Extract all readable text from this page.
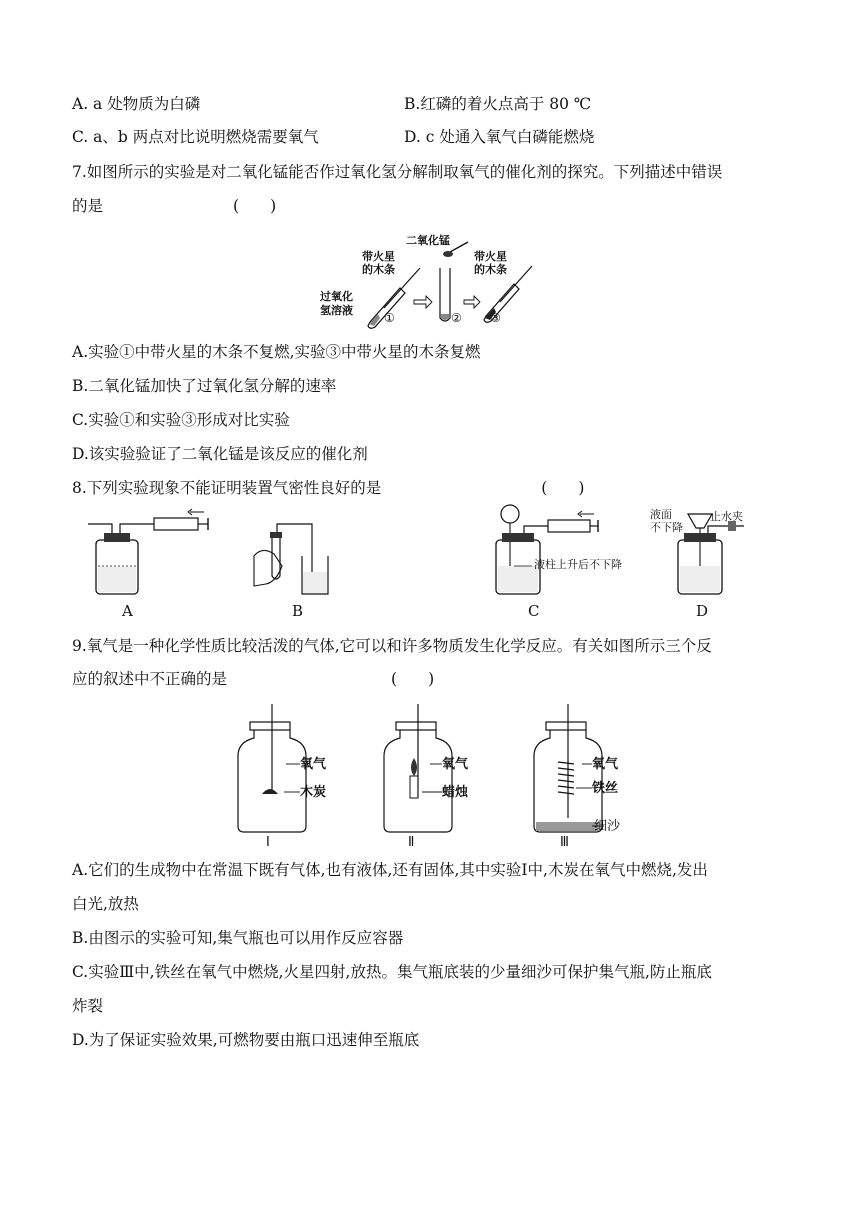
A. a 处物质为白磷	B.红磷的着火点高于 80 ℃
C. a、b 两点对比说明燃烧需要氧气	D. c 处通入氧气白磷能燃烧
7.如图所示的实验是对二氧化锰能否作过氧化氢分解制取氧气的催化剂的探究。下列描述中错误
的是	(　　)
带火星
的木条
过氧化
氢溶液
①	②
二氧化锰
带火星
的木条
③
A.实验①中带火星的木条不复燃,实验③中带火星的木条复燃
B.二氧化锰加快了过氧化氢分解的速率
C.实验①和实验③形成对比实验
D.该实验验证了二氧化锰是该反应的催化剂
8.下列实验现象不能证明装置气密性良好的是	(　　)
A	B
液柱上升后不下降
C
液面
不下降
止水夹
D
9.氧气是一种化学性质比较活泼的气体,它可以和许多物质发生化学反应。有关如图所示三个反
应的叙述中不正确的是	(　　)
氧气
木炭
Ⅰ
氧气
蜡烛
Ⅱ
氧气
铁丝
细沙
Ⅲ
A.它们的生成物中在常温下既有气体,也有液体,还有固体,其中实验Ⅰ中,木炭在氧气中燃烧,发出
白光,放热
B.由图示的实验可知,集气瓶也可以用作反应容器
C.实验Ⅲ中,铁丝在氧气中燃烧,火星四射,放热。集气瓶底装的少量细沙可保护集气瓶,防止瓶底
炸裂
D.为了保证实验效果,可燃物要由瓶口迅速伸至瓶底
